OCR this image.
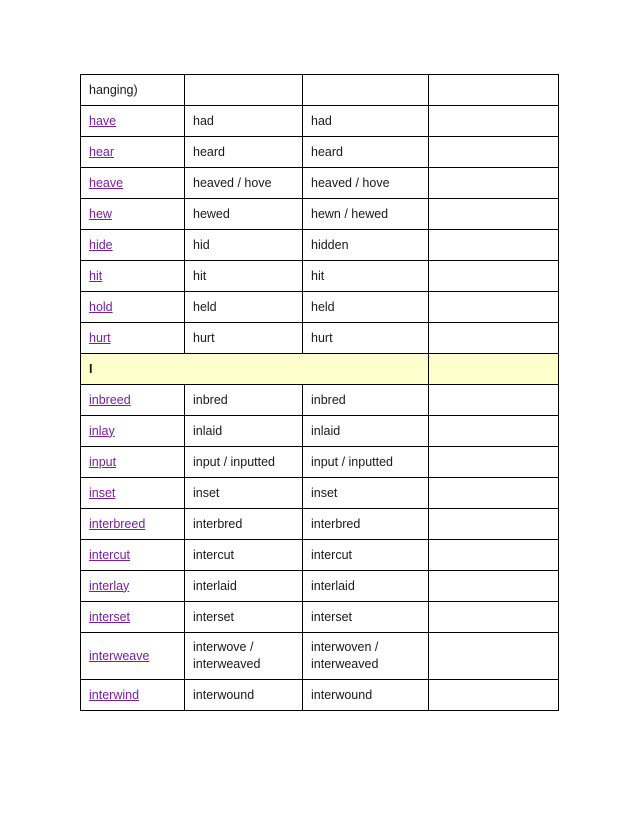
hanging)			
have	had	had	
hear	heard	heard	
heave	heaved / hove	heaved / hove	
hew	hewed	hewn / hewed	
hide	hid	hidden	
hit	hit	hit	
hold	held	held	
hurt	hurt	hurt	
I			
inbreed	inbred	inbred	
inlay	inlaid	inlaid	
input	input / inputted	input / inputted	
inset	inset	inset	
interbreed	interbred	interbred	
intercut	intercut	intercut	
interlay	interlaid	interlaid	
interset	interset	interset	
interweave	interwove / interweaved	interwoven / interweaved	
interwind	interwound	interwound	
